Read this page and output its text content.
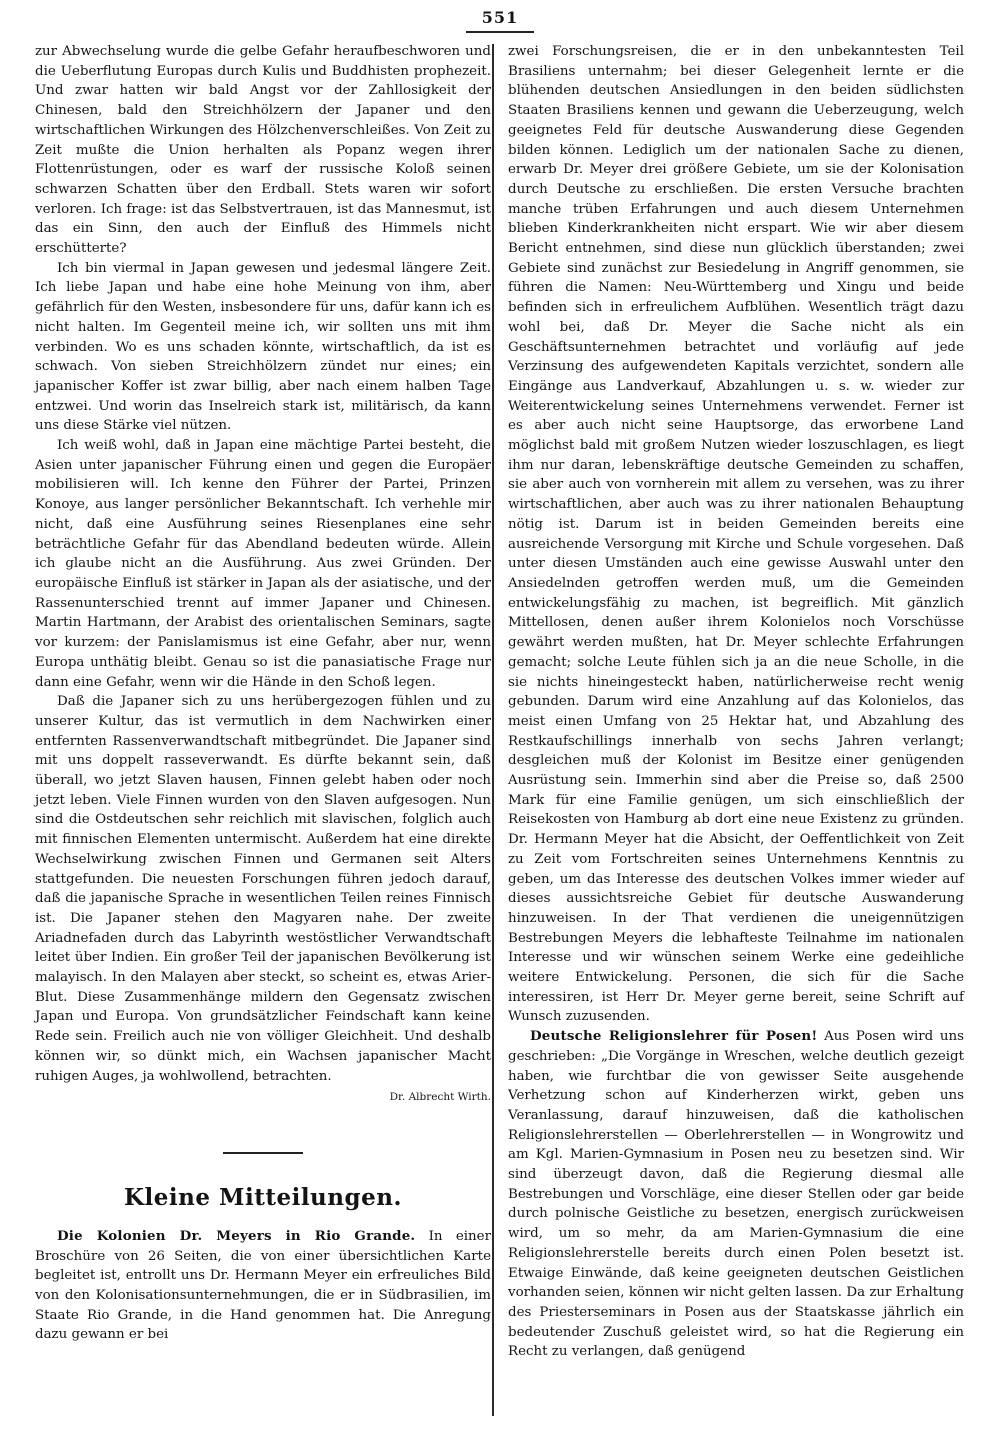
551

zur Abwechselung wurde die gelbe Gefahr heraufbeschworen und die Ueberflutung Europas durch Kulis und Buddhisten prophezeit. Und zwar hatten wir bald Angst vor der Zahllosigkeit der Chinesen, bald den Streichhölzern der Japaner und den wirtschaftlichen Wirkungen des Hölzchenverschleißes. Von Zeit zu Zeit mußte die Union herhalten als Popanz wegen ihrer Flottenrüstungen, oder es warf der russische Koloß seinen schwarzen Schatten über den Erdball. Stets waren wir sofort verloren. Ich frage: ist das Selbstvertrauen, ist das Mannesmut, ist das ein Sinn, den auch der Einfluß des Himmels nicht erschütterte?

Ich bin viermal in Japan gewesen und jedesmal längere Zeit. Ich liebe Japan und habe eine hohe Meinung von ihm, aber gefährlich für den Westen, insbesondere für uns, dafür kann ich es nicht halten. Im Gegenteil meine ich, wir sollten uns mit ihm verbinden. Wo es uns schaden könnte, wirtschaftlich, da ist es schwach. Von sieben Streichhölzern zündet nur eines; ein japanischer Koffer ist zwar billig, aber nach einem halben Tage entzwei. Und worin das Inselreich stark ist, militärisch, da kann uns diese Stärke viel nützen.

Ich weiß wohl, daß in Japan eine mächtige Partei besteht, die Asien unter japanischer Führung einen und gegen die Europäer mobilisieren will. Ich kenne den Führer der Partei, Prinzen Konoye, aus langer persönlicher Bekanntschaft. Ich verhehle mir nicht, daß eine Ausführung seines Riesenplanes eine sehr beträchtliche Gefahr für das Abendland bedeuten würde. Allein ich glaube nicht an die Ausführung. Aus zwei Gründen. Der europäische Einfluß ist stärker in Japan als der asiatische, und der Rassenunterschied trennt auf immer Japaner und Chinesen. Martin Hartmann, der Arabist des orientalischen Seminars, sagte vor kurzem: der Panislamismus ist eine Gefahr, aber nur, wenn Europa unthätig bleibt. Genau so ist die panasiatische Frage nur dann eine Gefahr, wenn wir die Hände in den Schoß legen.

Daß die Japaner sich zu uns herübergezogen fühlen und zu unserer Kultur, das ist vermutlich in dem Nachwirken einer entfernten Rassenverwandtschaft mitbegründet. Die Japaner sind mit uns doppelt rasseverwandt. Es dürfte bekannt sein, daß überall, wo jetzt Slaven hausen, Finnen gelebt haben oder noch jetzt leben. Viele Finnen wurden von den Slaven aufgesogen. Nun sind die Ostdeutschen sehr reichlich mit slavischen, folglich auch mit finnischen Elementen untermischt. Außerdem hat eine direkte Wechselwirkung zwischen Finnen und Germanen seit Alters stattgefunden. Die neuesten Forschungen führen jedoch darauf, daß die japanische Sprache in wesentlichen Teilen reines Finnisch ist. Die Japaner stehen den Magyaren nahe. Der zweite Ariadnefaden durch das Labyrinth westöstlicher Verwandtschaft leitet über Indien. Ein großer Teil der japanischen Bevölkerung ist malayisch. In den Malayen aber steckt, so scheint es, etwas Arier-Blut. Diese Zusammenhänge mildern den Gegensatz zwischen Japan und Europa. Von grundsätzlicher Feindschaft kann keine Rede sein. Freilich auch nie von völliger Gleichheit. Und deshalb können wir, so dünkt mich, ein Wachsen japanischer Macht ruhigen Auges, ja wohlwollend, betrachten.

Dr. Albrecht Wirth.

Kleine Mitteilungen.

Die Kolonien Dr. Meyers in Rio Grande. In einer Broschüre von 26 Seiten, die von einer übersichtlichen Karte begleitet ist, entrollt uns Dr. Hermann Meyer ein erfreuliches Bild von den Kolonisationsunternehmungen, die er in Südbrasilien, im Staate Rio Grande, in die Hand genommen hat. Die Anregung dazu gewann er bei

zwei Forschungsreisen, die er in den unbekanntesten Teil Brasiliens unternahm; bei dieser Gelegenheit lernte er die blühenden deutschen Ansiedlungen in den beiden südlichsten Staaten Brasiliens kennen und gewann die Ueberzeugung, welch geeignetes Feld für deutsche Auswanderung diese Gegenden bilden können. Lediglich um der nationalen Sache zu dienen, erwarb Dr. Meyer drei größere Gebiete, um sie der Kolonisation durch Deutsche zu erschließen. Die ersten Versuche brachten manche trüben Erfahrungen und auch diesem Unternehmen blieben Kinderkrankheiten nicht erspart. Wie wir aber diesem Bericht entnehmen, sind diese nun glücklich überstanden; zwei Gebiete sind zunächst zur Besiedelung in Angriff genommen, sie führen die Namen: Neu-Württemberg und Xingu und beide befinden sich in erfreulichem Aufblühen. Wesentlich trägt dazu wohl bei, daß Dr. Meyer die Sache nicht als ein Geschäftsunternehmen betrachtet und vorläufig auf jede Verzinsung des aufgewendeten Kapitals verzichtet, sondern alle Eingänge aus Landverkauf, Abzahlungen u. s. w. wieder zur Weiterentwickelung seines Unternehmens verwendet. Ferner ist es aber auch nicht seine Hauptsorge, das erworbene Land möglichst bald mit großem Nutzen wieder loszuschlagen, es liegt ihm nur daran, lebenskräftige deutsche Gemeinden zu schaffen, sie aber auch von vornherein mit allem zu versehen, was zu ihrer wirtschaftlichen, aber auch was zu ihrer nationalen Behauptung nötig ist. Darum ist in beiden Gemeinden bereits eine ausreichende Versorgung mit Kirche und Schule vorgesehen. Daß unter diesen Umständen auch eine gewisse Auswahl unter den Ansiedelnden getroffen werden muß, um die Gemeinden entwickelungsfähig zu machen, ist begreiflich. Mit gänzlich Mittellosen, denen außer ihrem Kolonielos noch Vorschüsse gewährt werden mußten, hat Dr. Meyer schlechte Erfahrungen gemacht; solche Leute fühlen sich ja an die neue Scholle, in die sie nichts hineingesteckt haben, natürlicherweise recht wenig gebunden. Darum wird eine Anzahlung auf das Kolonielos, das meist einen Umfang von 25 Hektar hat, und Abzahlung des Restkaufschillings innerhalb von sechs Jahren verlangt; desgleichen muß der Kolonist im Besitze einer genügenden Ausrüstung sein. Immerhin sind aber die Preise so, daß 2500 Mark für eine Familie genügen, um sich einschließlich der Reisekosten von Hamburg ab dort eine neue Existenz zu gründen. Dr. Hermann Meyer hat die Absicht, der Oeffentlichkeit von Zeit zu Zeit vom Fortschreiten seines Unternehmens Kenntnis zu geben, um das Interesse des deutschen Volkes immer wieder auf dieses aussichtsreiche Gebiet für deutsche Auswanderung hinzuweisen. In der That verdienen die uneigennützigen Bestrebungen Meyers die lebhafteste Teilnahme im nationalen Interesse und wir wünschen seinem Werke eine gedeihliche weitere Entwickelung. Personen, die sich für die Sache interessiren, ist Herr Dr. Meyer gerne bereit, seine Schrift auf Wunsch zuzusenden.

Deutsche Religionslehrer für Posen! Aus Posen wird uns geschrieben: „Die Vorgänge in Wreschen, welche deutlich gezeigt haben, wie furchtbar die von gewisser Seite ausgehende Verhetzung schon auf Kinderherzen wirkt, geben uns Veranlassung, darauf hinzuweisen, daß die katholischen Religionslehrerstellen — Oberlehrerstellen — in Wongrowitz und am Kgl. Marien-Gymnasium in Posen neu zu besetzen sind. Wir sind überzeugt davon, daß die Regierung diesmal alle Bestrebungen und Vorschläge, eine dieser Stellen oder gar beide durch polnische Geistliche zu besetzen, energisch zurückweisen wird, um so mehr, da am Marien-Gymnasium die eine Religionslehrerstelle bereits durch einen Polen besetzt ist. Etwaige Einwände, daß keine geeigneten deutschen Geistlichen vorhanden seien, können wir nicht gelten lassen. Da zur Erhaltung des Priesterseminars in Posen aus der Staatskasse jährlich ein bedeutender Zuschuß geleistet wird, so hat die Regierung ein Recht zu verlangen, daß genügend
